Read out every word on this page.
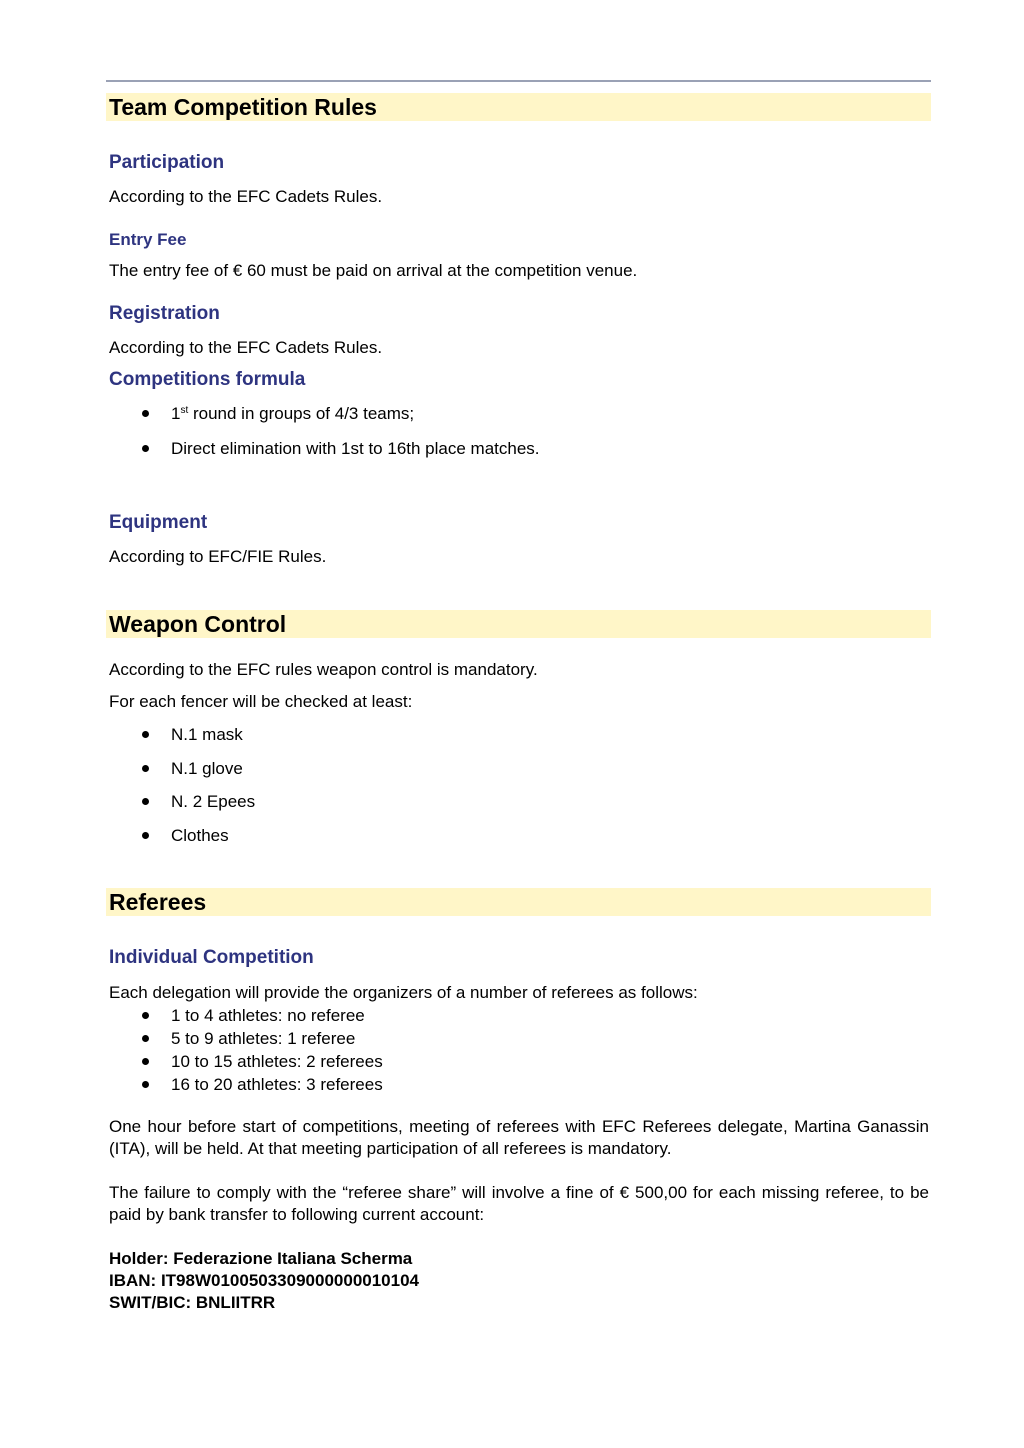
Team Competition Rules
Participation

According to the EFC Cadets Rules.

Entry Fee

The entry fee of € 60 must be paid on arrival at the competition venue.

Registration

According to the EFC Cadets Rules.

Competitions formula

1st round in groups of 4/3 teams;

Direct elimination with 1st to 16th place matches.

Equipment

According to EFC/FIE Rules.

Weapon Control

According to the EFC rules weapon control is mandatory.

For each fencer will be checked at least:

N.1 mask

N.1 glove

N. 2 Epees

Clothes

Referees
Individual Competition

Each delegation will provide the organizers of a number of referees as follows:

1 to 4 athletes: no referee

5 to 9 athletes: 1 referee

10 to 15 athletes: 2 referees

16 to 20 athletes: 3 referees

One hour before start of competitions, meeting of referees with EFC Referees delegate, Martina Ganassin (ITA), will be held. At that meeting participation of all referees is mandatory.

The failure to comply with the “referee share” will involve a fine of € 500,00 for each missing referee, to be paid by bank transfer to following current account:

Holder: Federazione Italiana Scherma

IBAN: IT98W0100503309000000010104

SWIT/BIC: BNLIITRR
